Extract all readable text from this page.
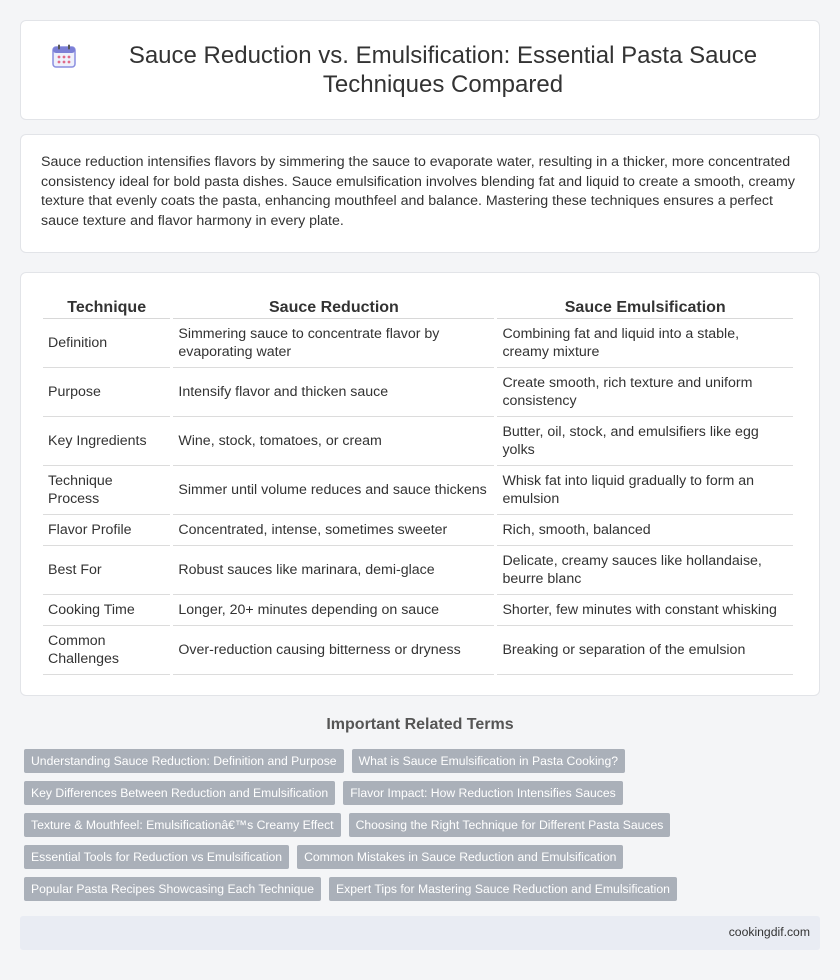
Sauce Reduction vs. Emulsification: Essential Pasta Sauce Techniques Compared

Sauce reduction intensifies flavors by simmering the sauce to evaporate water, resulting in a thicker, more concentrated consistency ideal for bold pasta dishes. Sauce emulsification involves blending fat and liquid to create a smooth, creamy texture that evenly coats the pasta, enhancing mouthfeel and balance. Mastering these techniques ensures a perfect sauce texture and flavor harmony in every plate.

Technique	Sauce Reduction	Sauce Emulsification
Definition	Simmering sauce to concentrate flavor by evaporating water	Combining fat and liquid into a stable, creamy mixture
Purpose	Intensify flavor and thicken sauce	Create smooth, rich texture and uniform consistency
Key Ingredients	Wine, stock, tomatoes, or cream	Butter, oil, stock, and emulsifiers like egg yolks
Technique Process	Simmer until volume reduces and sauce thickens	Whisk fat into liquid gradually to form an emulsion
Flavor Profile	Concentrated, intense, sometimes sweeter	Rich, smooth, balanced
Best For	Robust sauces like marinara, demi-glace	Delicate, creamy sauces like hollandaise, beurre blanc
Cooking Time	Longer, 20+ minutes depending on sauce	Shorter, few minutes with constant whisking
Common Challenges	Over-reduction causing bitterness or dryness	Breaking or separation of the emulsion
Important Related Terms
Understanding Sauce Reduction: Definition and Purpose	What is Sauce Emulsification in Pasta Cooking?
Key Differences Between Reduction and Emulsification	Flavor Impact: How Reduction Intensifies Sauces
Texture & Mouthfeel: Emulsificationâ€™s Creamy Effect	Choosing the Right Technique for Different Pasta Sauces
Essential Tools for Reduction vs Emulsification	Common Mistakes in Sauce Reduction and Emulsification
Popular Pasta Recipes Showcasing Each Technique	Expert Tips for Mastering Sauce Reduction and Emulsification
cookingdif.com
